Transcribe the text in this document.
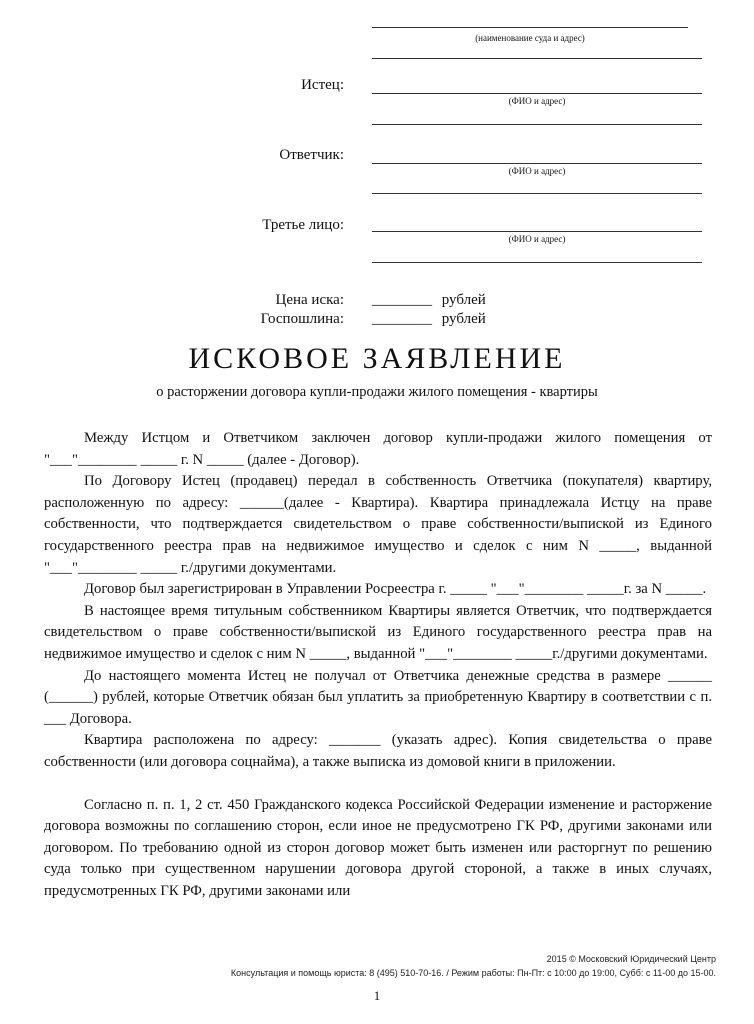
(наименование суда и адрес)
Истец:
(ФИО и адрес)
Ответчик:
(ФИО и адрес)
Третье лицо:
(ФИО и адрес)
Цена иска: ________ рублей
Госпошлина: ________ рублей
ИСКОВОЕ ЗАЯВЛЕНИЕ
о расторжении договора купли-продажи жилого помещения - квартиры

Между Истцом и Ответчиком заключен договор купли-продажи жилого помещения от "___"________ _____ г. N _____ (далее - Договор).

По Договору Истец (продавец) передал в собственность Ответчика (покупателя) квартиру, расположенную по адресу: ______(далее - Квартира). Квартира принадлежала Истцу на праве собственности, что подтверждается свидетельством о праве собственности/выпиской из Единого государственного реестра прав на недвижимое имущество и сделок с ним N _____, выданной "___"________ _____ г./другими документами.

Договор был зарегистрирован в Управлении Росреестра г. _____ "___"________ _____г. за N _____.

В настоящее время титульным собственником Квартиры является Ответчик, что подтверждается свидетельством о праве собственности/выпиской из Единого государственного реестра прав на недвижимое имущество и сделок с ним N _____, выданной "___"________ _____г./другими документами.

До настоящего момента Истец не получал от Ответчика денежные средства в размере ______ (______) рублей, которые Ответчик обязан был уплатить за приобретенную Квартиру в соответствии с п. ___ Договора.

Квартира расположена по адресу: _______ (указать адрес). Копия свидетельства о праве собственности (или договора соцнайма), а также выписка из домовой книги в приложении.

Согласно п. п. 1, 2 ст. 450 Гражданского кодекса Российской Федерации изменение и расторжение договора возможны по соглашению сторон, если иное не предусмотрено ГК РФ, другими законами или договором. По требованию одной из сторон договор может быть изменен или расторгнут по решению суда только при существенном нарушении договора другой стороной, а также в иных случаях, предусмотренных ГК РФ, другими законами или

2015 © Московский Юридический Центр
Консультация и помощь юриста: 8 (495) 510-70-16. / Режим работы: Пн-Пт: с 10:00 до 19:00, Субб: с 11-00 до 15-00.
1
